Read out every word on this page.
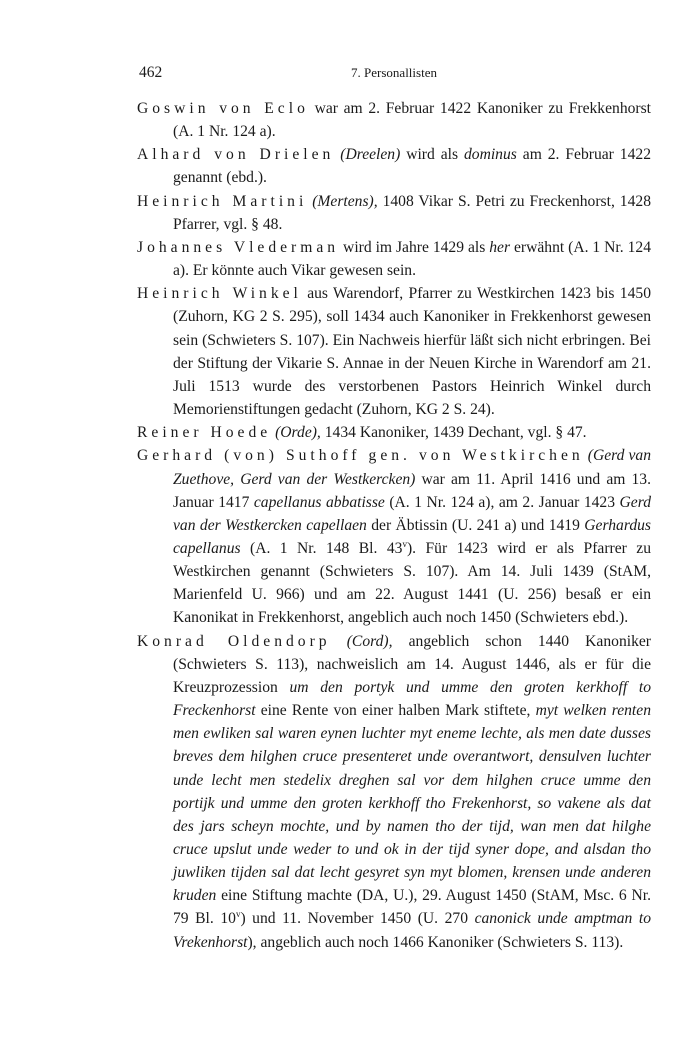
462	7. Personallisten

Goswin von Eclo war am 2. Februar 1422 Kanoniker zu Frekkenhorst (A. 1 Nr. 124 a).

Alhard von Drielen (Dreelen) wird als dominus am 2. Februar 1422 genannt (ebd.).

Heinrich Martini (Mertens), 1408 Vikar S. Petri zu Freckenhorst, 1428 Pfarrer, vgl. § 48.

Johannes Vlederman wird im Jahre 1429 als her erwähnt (A. 1 Nr. 124 a). Er könnte auch Vikar gewesen sein.

Heinrich Winkel aus Warendorf, Pfarrer zu Westkirchen 1423 bis 1450 (Zuhorn, KG 2 S. 295), soll 1434 auch Kanoniker in Frekkenhorst gewesen sein (Schwieters S. 107). Ein Nachweis hierfür läßt sich nicht erbringen. Bei der Stiftung der Vikarie S. Annae in der Neuen Kirche in Warendorf am 21. Juli 1513 wurde des verstorbenen Pastors Heinrich Winkel durch Memorienstiftungen gedacht (Zuhorn, KG 2 S. 24).

Reiner Hoede (Orde), 1434 Kanoniker, 1439 Dechant, vgl. § 47.

Gerhard (von) Suthoff gen. von Westkirchen (Gerd van Zuethove, Gerd van der Westkercken) war am 11. April 1416 und am 13. Januar 1417 capellanus abbatisse (A. 1 Nr. 124 a), am 2. Januar 1423 Gerd van der Westkercken capellaen der Äbtissin (U. 241 a) und 1419 Gerhardus capellanus (A. 1 Nr. 148 Bl. 43$^v$). Für 1423 wird er als Pfarrer zu Westkirchen genannt (Schwieters S. 107). Am 14. Juli 1439 (StAM, Marienfeld U. 966) und am 22. August 1441 (U. 256) besaß er ein Kanonikat in Frekkenhorst, angeblich auch noch 1450 (Schwieters ebd.).

Konrad Oldendorp (Cord), angeblich schon 1440 Kanoniker (Schwieters S. 113), nachweislich am 14. August 1446, als er für die Kreuzprozession um den portyk und umme den groten kerkhoff to Freckenhorst eine Rente von einer halben Mark stiftete, myt welken renten men ewliken sal waren eynen luchter myt eneme lechte, als men date dusses breves dem hilghen cruce presenteret unde overantwort, densulven luchter unde lecht men stedelix dreghen sal vor dem hilghen cruce umme den portijk und umme den groten kerkhoff tho Frekenhorst, so vakene als dat des jars scheyn mochte, und by namen tho der tijd, wan men dat hilghe cruce upslut unde weder to und ok in der tijd syner dope, and alsdan tho juwliken tijden sal dat lecht gesyret syn myt blomen, krensen unde anderen kruden eine Stiftung machte (DA, U.), 29. August 1450 (StAM, Msc. 6 Nr. 79 Bl. 10$^v$) und 11. November 1450 (U. 270 canonick unde amptman to Vrekenhorst), angeblich auch noch 1466 Kanoniker (Schwieters S. 113).
